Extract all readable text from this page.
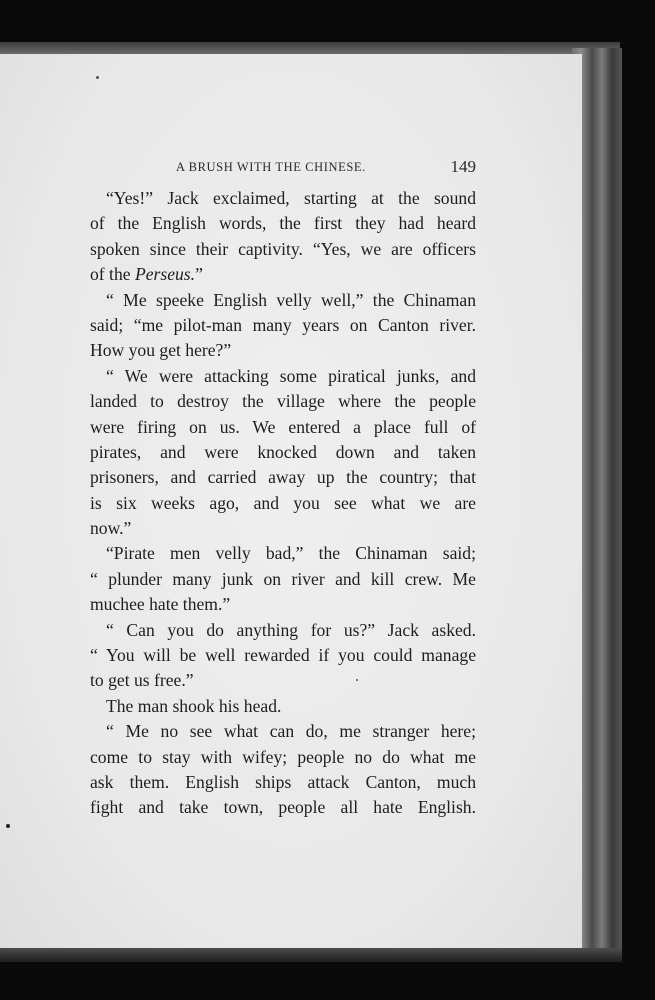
A BRUSH WITH THE CHINESE.	149
“Yes!” Jack exclaimed, starting at the sound
of the English words, the first they had heard
spoken since their captivity. “Yes, we are officers
of the Perseus.”
“ Me speeke English velly well,” the Chinaman
said; “me pilot-man many years on Canton river.
How you get here?”
“ We were attacking some piratical junks, and
landed to destroy the village where the people
were firing on us. We entered a place full of
pirates, and were knocked down and taken
prisoners, and carried away up the country; that
is six weeks ago, and you see what we are
now.”
“Pirate men velly bad,” the Chinaman said;
“ plunder many junk on river and kill crew. Me
muchee hate them.”
“ Can you do anything for us?” Jack asked.
“ You will be well rewarded if you could manage
to get us free.”
The man shook his head.
“ Me no see what can do, me stranger here;
come to stay with wifey; people no do what me
ask them. English ships attack Canton, much
fight and take town, people all hate English.
